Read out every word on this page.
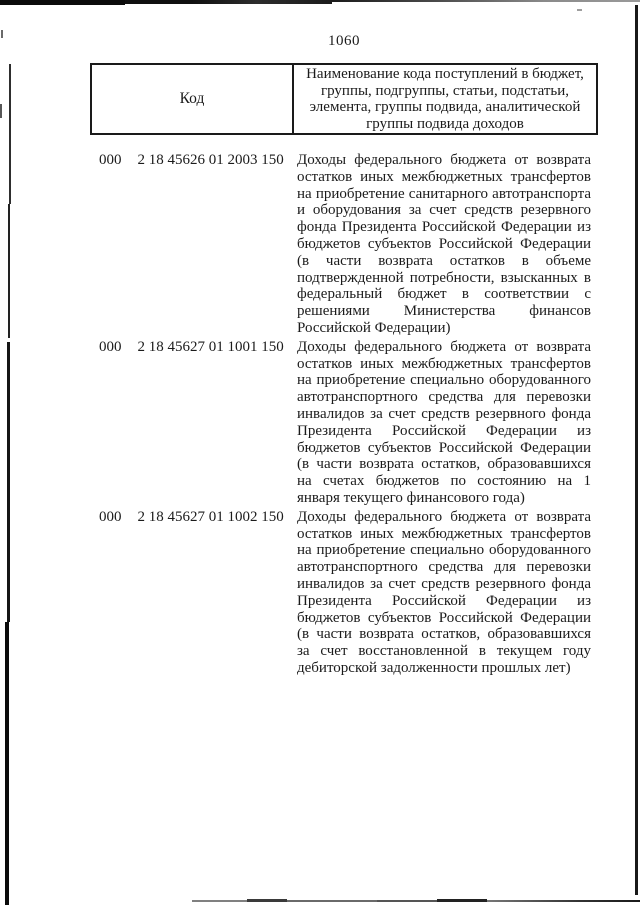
1060
Код
Наименование кода поступлений в бюджет, группы, подгруппы, статьи, подстатьи, элемента, группы подвида, аналитической группы подвида доходов
000 2 18 45626 01 2003 150 Доходы федерального бюджета от возврата остатков иных межбюджетных трансфертов на приобретение санитарного автотранспорта и оборудования за счет средств резервного фонда Президента Российской Федерации из бюджетов субъектов Российской Федерации (в части возврата остатков в объеме подтвержденной потребности, взысканных в федеральный бюджет в соответствии с решениями Министерства финансов Российской Федерации)
000 2 18 45627 01 1001 150 Доходы федерального бюджета от возврата остатков иных межбюджетных трансфертов на приобретение специально оборудованного автотранспортного средства для перевозки инвалидов за счет средств резервного фонда Президента Российской Федерации из бюджетов субъектов Российской Федерации (в части возврата остатков, образовавшихся на счетах бюджетов по состоянию на 1 января текущего финансового года)
000 2 18 45627 01 1002 150 Доходы федерального бюджета от возврата остатков иных межбюджетных трансфертов на приобретение специально оборудованного автотранспортного средства для перевозки инвалидов за счет средств резервного фонда Президента Российской Федерации из бюджетов субъектов Российской Федерации (в части возврата остатков, образовавшихся за счет восстановленной в текущем году дебиторской задолженности прошлых лет)
